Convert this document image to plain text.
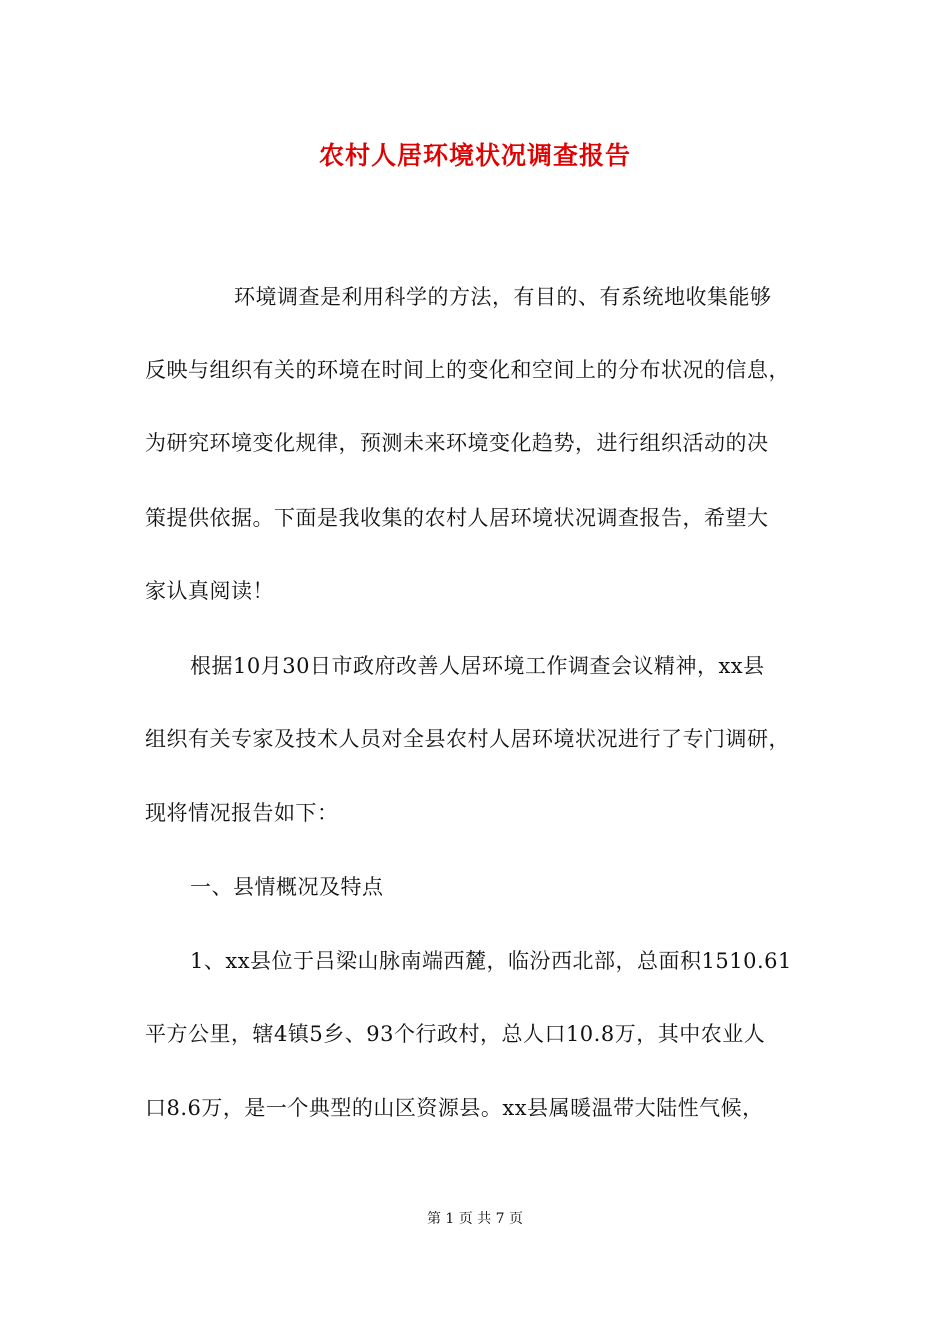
农村人居环境状况调查报告
环境调查是利用科学的方法，有目的、有系统地收集能够
反映与组织有关的环境在时间上的变化和空间上的分布状况的信息，
为研究环境变化规律，预测未来环境变化趋势，进行组织活动的决
策提供依据。下面是我收集的农村人居环境状况调查报告，希望大
家认真阅读！
根据10月30日市政府改善人居环境工作调查会议精神，xx县
组织有关专家及技术人员对全县农村人居环境状况进行了专门调研，
现将情况报告如下：
一、县情概况及特点
1、xx县位于吕梁山脉南端西麓，临汾西北部，总面积1510.61
平方公里，辖4镇5乡、93个行政村，总人口10.8万，其中农业人
口8.6万，是一个典型的山区资源县。xx县属暖温带大陆性气候，
第 1 页 共 7 页
